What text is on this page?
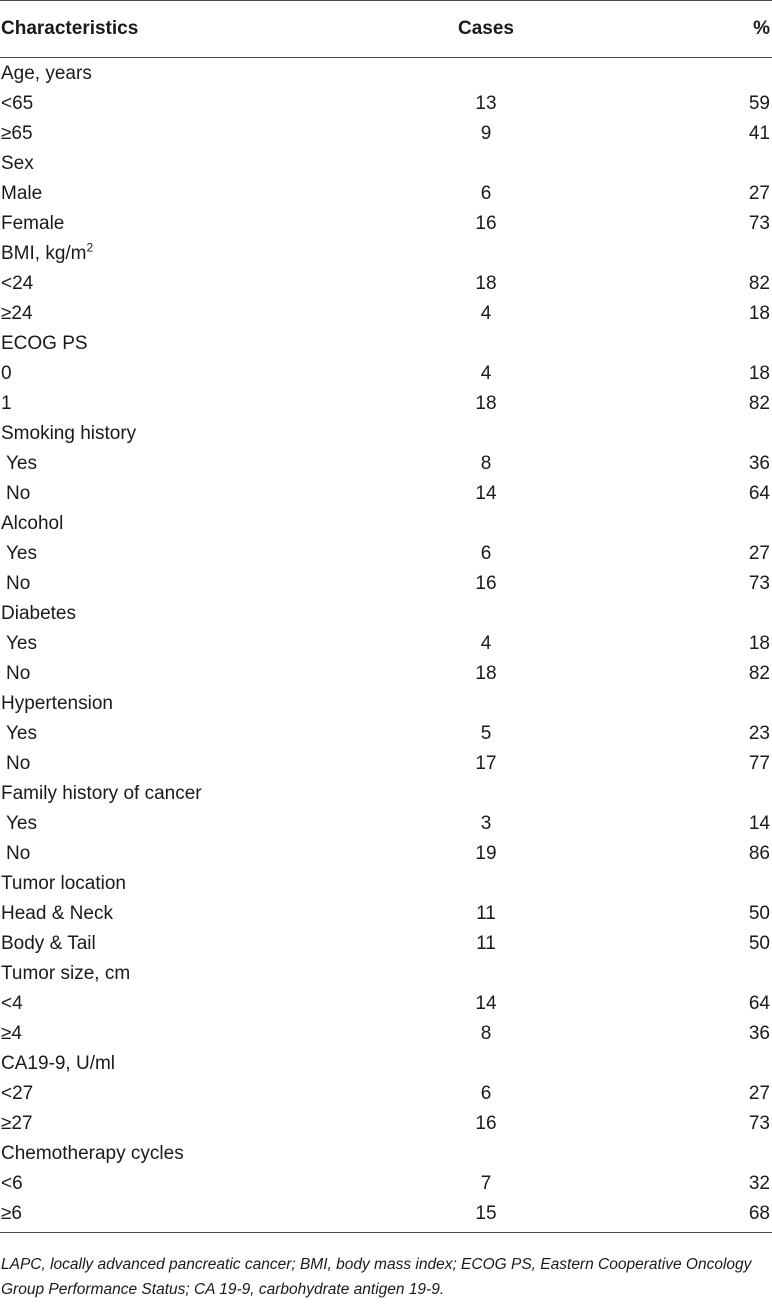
Characteristics	Cases	%
Age, years
<65	13	59
≥65	9	41
Sex
Male	6	27
Female	16	73
BMI, $kg/m^2$
<24	18	82
≥24	4	18
ECOG PS
0	4	18
1	18	82
Smoking history
Yes	8	36
No	14	64
Alcohol
Yes	6	27
No	16	73
Diabetes
Yes	4	18
No	18	82
Hypertension
Yes	5	23
No	17	77
Family history of cancer
Yes	3	14
No	19	86
Tumor location
Head & Neck	11	50
Body & Tail	11	50
Tumor size, cm
<4	14	64
≥4	8	36
CA19-9, U/ml
<27	6	27
≥27	16	73
Chemotherapy cycles
<6	7	32
≥6	15	68
LAPC, locally advanced pancreatic cancer; BMI, body mass index; ECOG PS, Eastern Cooperative Oncology Group Performance Status; CA 19-9, carbohydrate antigen 19-9.
